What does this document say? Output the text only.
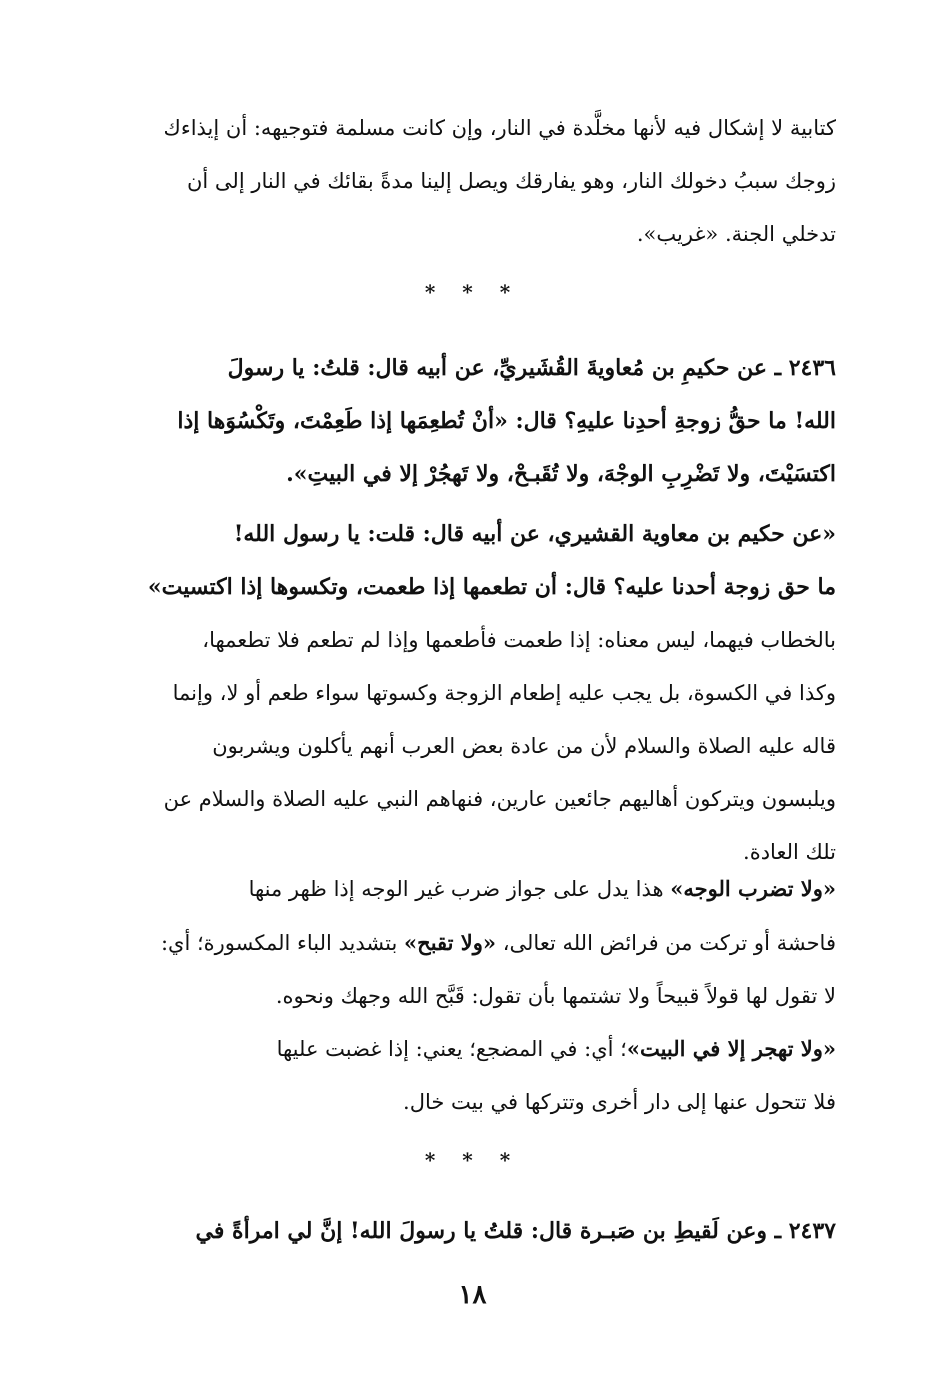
كتابية لا إشكال فيه لأنها مخلَّدة في النار، وإن كانت مسلمة فتوجيهه: أن إيذاءك
زوجك سببُ دخولك النار، وهو يفارقك ويصل إلينا مدةً بقائك في النار إلى أن
تدخلي الجنة. «غريب».
* * *
٢٤٣٦ ـ عن حكيمِ بن مُعاويةَ القُشَيريِّ، عن أبيه قال: قلتُ: يا رسولَ
الله! ما حقُّ زوجةِ أحدِنا عليهِ؟ قال: «أنْ تُطعِمَها إذا طَعِمْتَ، وتَكْسُوَها إذا
اكتسَيْتَ، ولا تَضْرِبِ الوجْهَ، ولا تُقَبـحْ، ولا تَهجُرْ إلا في البيتِ».
«عن حكيم بن معاوية القشيري، عن أبيه قال: قلت: يا رسول الله!
ما حق زوجة أحدنا عليه؟ قال: أن تطعمها إذا طعمت، وتكسوها إذا اكتسيت»
بالخطاب فيهما، ليس معناه: إذا طعمت فأطعمها وإذا لم تطعم فلا تطعمها،
وكذا في الكسوة، بل يجب عليه إطعام الزوجة وكسوتها سواء طعم أو لا، وإنما
قاله عليه الصلاة والسلام لأن من عادة بعض العرب أنهم يأكلون ويشربون
ويلبسون ويتركون أهاليهم جائعين عارين، فنهاهم النبي عليه الصلاة والسلام عن
تلك العادة.
«ولا تضرب الوجه» هذا يدل على جواز ضرب غير الوجه إذا ظهر منها
فاحشة أو تركت من فرائض الله تعالى، «ولا تقبح» بتشديد الباء المكسورة؛ أي:
لا تقول لها قولاً قبيحاً ولا تشتمها بأن تقول: قَبَّح الله وجهك ونحوه.
«ولا تهجر إلا في البيت»؛ أي: في المضجع؛ يعني: إذا غضبت عليها
فلا تتحول عنها إلى دار أخرى وتتركها في بيت خال.
* * *
٢٤٣٧ ـ وعن لَقيطِ بن صَبـرة قال: قلتُ يا رسولَ الله! إنَّ لي امرأةً في
١٨
